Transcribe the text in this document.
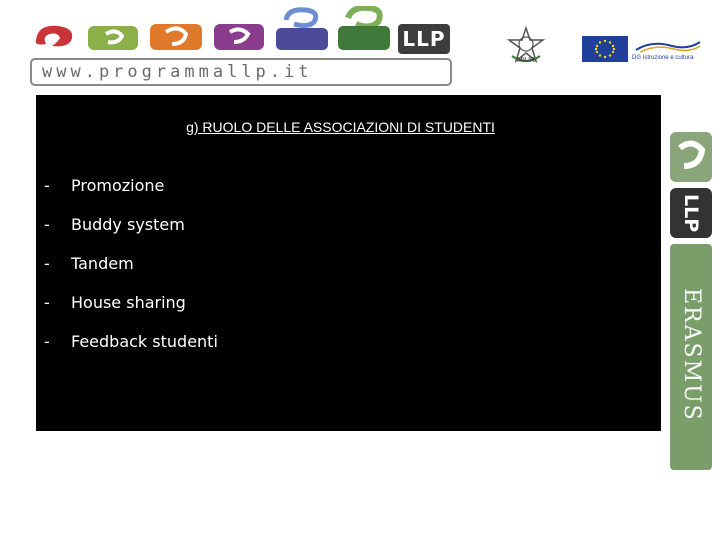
LLP
www.programmallp.it
MIUR	DG Istruzione e cultura
g) RUOLO DELLE ASSOCIAZIONI DI STUDENTI
- Promozione
- Buddy system
- Tandem
- House sharing
- Feedback studenti
LLP
ERASMUS
